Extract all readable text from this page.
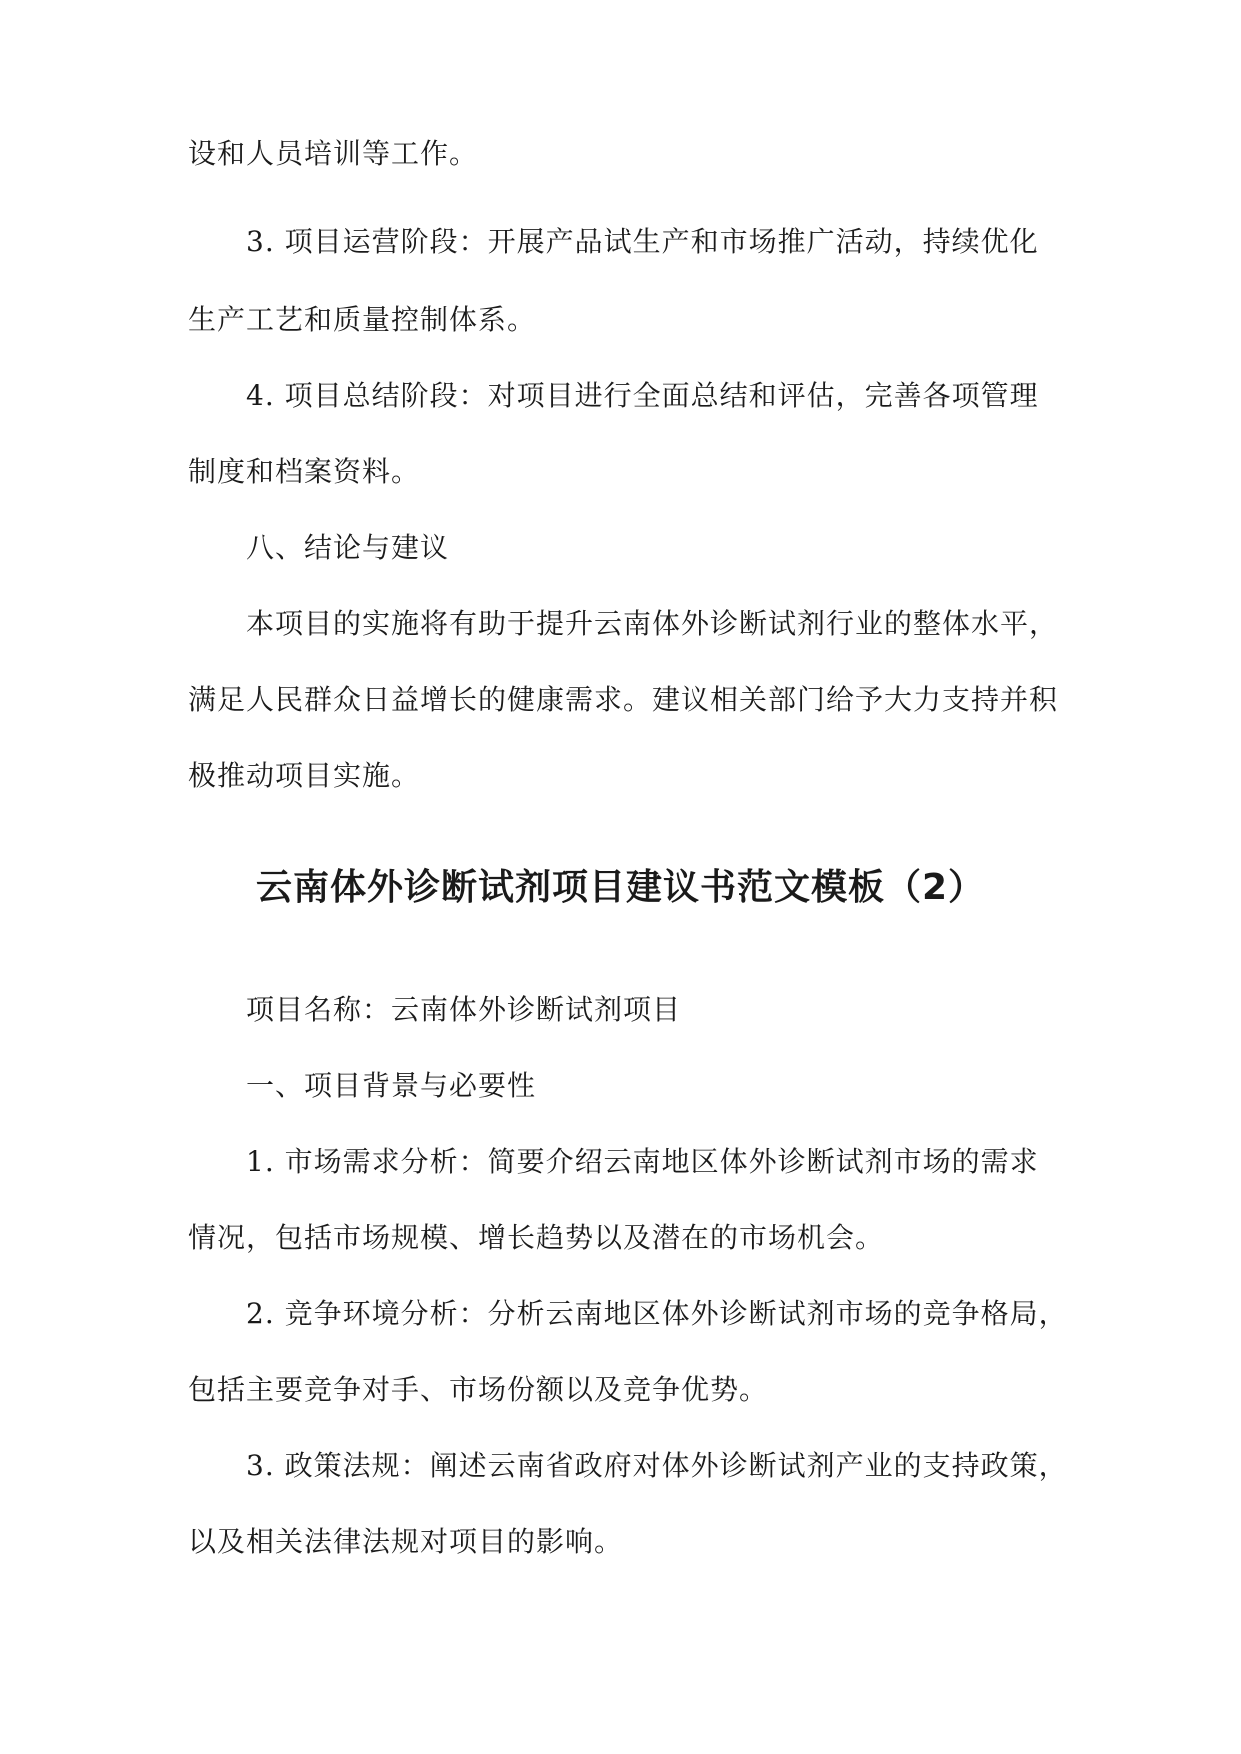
设和人员培训等工作。
3. 项目运营阶段：开展产品试生产和市场推广活动，持续优化
生产工艺和质量控制体系。
4. 项目总结阶段：对项目进行全面总结和评估，完善各项管理
制度和档案资料。
八、结论与建议
本项目的实施将有助于提升云南体外诊断试剂行业的整体水平，
满足人民群众日益增长的健康需求。建议相关部门给予大力支持并积
极推动项目实施。
云南体外诊断试剂项目建议书范文模板（2）
项目名称：云南体外诊断试剂项目
一、项目背景与必要性
1. 市场需求分析：简要介绍云南地区体外诊断试剂市场的需求
情况，包括市场规模、增长趋势以及潜在的市场机会。
2. 竞争环境分析：分析云南地区体外诊断试剂市场的竞争格局，
包括主要竞争对手、市场份额以及竞争优势。
3. 政策法规：阐述云南省政府对体外诊断试剂产业的支持政策，
以及相关法律法规对项目的影响。
